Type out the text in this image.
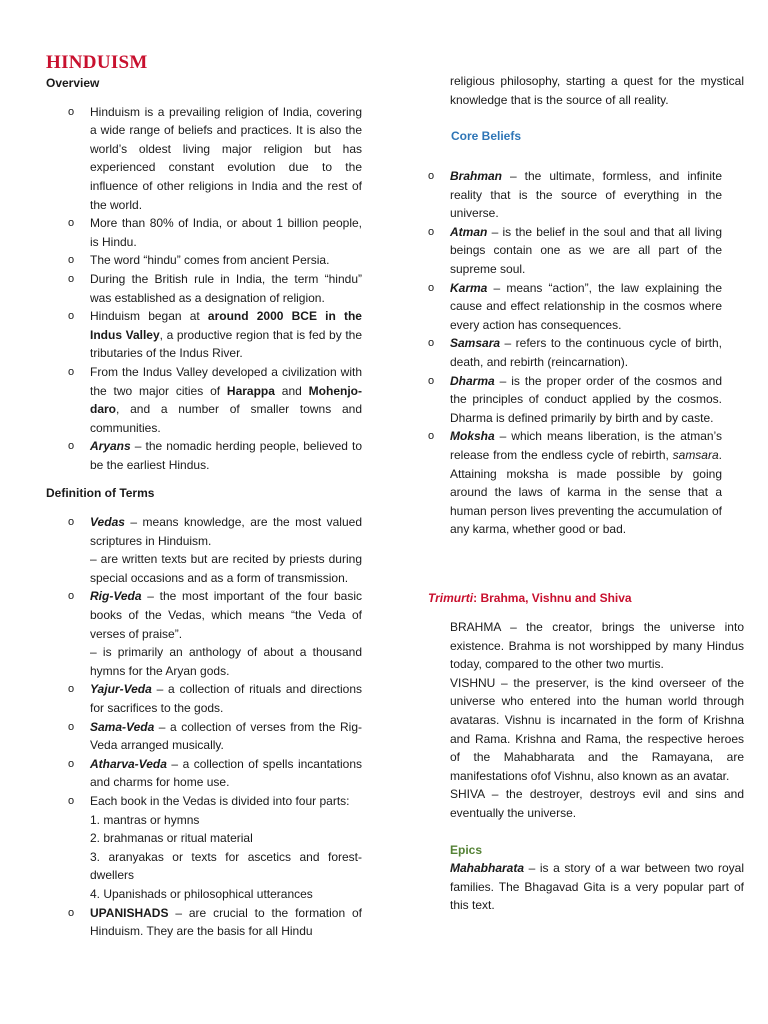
HINDUISM
Overview
o Hinduism is a prevailing religion of India, covering a wide range of beliefs and practices. It is also the world’s oldest living major religion but has experienced constant evolution due to the influence of other religions in India and the rest of the world.
o More than 80% of India, or about 1 billion people, is Hindu.
o The word “hindu” comes from ancient Persia.
o During the British rule in India, the term “hindu” was established as a designation of religion.
o Hinduism began at around 2000 BCE in the Indus Valley, a productive region that is fed by the tributaries of the Indus River.
o From the Indus Valley developed a civilization with the two major cities of Harappa and Mohenjo-daro, and a number of smaller towns and communities.
o Aryans – the nomadic herding people, believed to be the earliest Hindus.
Definition of Terms
o Vedas – means knowledge, are the most valued scriptures in Hinduism.
– are written texts but are recited by priests during special occasions and as a form of transmission.
o Rig-Veda – the most important of the four basic books of the Vedas, which means “the Veda of verses of praise”.
– is primarily an anthology of about a thousand hymns for the Aryan gods.
o Yajur-Veda – a collection of rituals and directions for sacrifices to the gods.
o Sama-Veda – a collection of verses from the Rig-Veda arranged musically.
o Atharva-Veda – a collection of spells incantations and charms for home use.
o Each book in the Vedas is divided into four parts:
1. mantras or hymns
2. brahmanas or ritual material
3. aranyakas or texts for ascetics and forest-dwellers
4. Upanishads or philosophical utterances
o UPANISHADS – are crucial to the formation of Hinduism. They are the basis for all Hindu

religious philosophy, starting a quest for the mystical knowledge that is the source of all reality.

Core Beliefs
o Brahman – the ultimate, formless, and infinite reality that is the source of everything in the universe.
o Atman – is the belief in the soul and that all living beings contain one as we are all part of the supreme soul.
o Karma – means “action”, the law explaining the cause and effect relationship in the cosmos where every action has consequences.
o Samsara – refers to the continuous cycle of birth, death, and rebirth (reincarnation).
o Dharma – is the proper order of the cosmos and the principles of conduct applied by the cosmos. Dharma is defined primarily by birth and by caste.
o Moksha – which means liberation, is the atman’s release from the endless cycle of rebirth, samsara. Attaining moksha is made possible by going around the laws of karma in the sense that a human person lives preventing the accumulation of any karma, whether good or bad.
Trimurti: Brahma, Vishnu and Shiva

BRAHMA – the creator, brings the universe into existence. Brahma is not worshipped by many Hindus today, compared to the other two murtis.

VISHNU – the preserver, is the kind overseer of the universe who entered into the human world through avataras. Vishnu is incarnated in the form of Krishna and Rama. Krishna and Rama, the respective heroes of the Mahabharata and the Ramayana, are manifestations ofof Vishnu, also known as an avatar.

SHIVA – the destroyer, destroys evil and sins and eventually the universe.

Epics

Mahabharata – is a story of a war between two royal families. The Bhagavad Gita is a very popular part of this text.
